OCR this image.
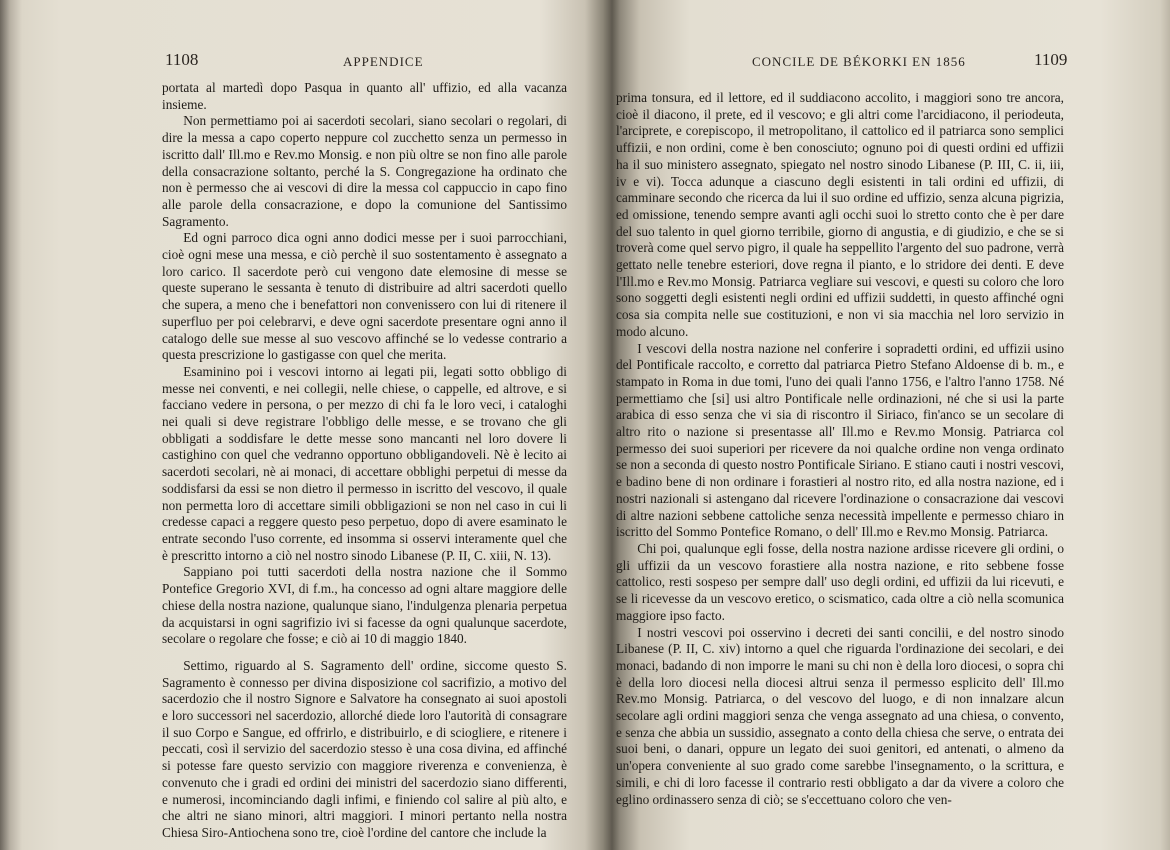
1108	APPENDICE

portata al martedì dopo Pasqua in quanto all' uffizio, ed alla vacanza insieme.

Non permettiamo poi ai sacerdoti secolari, siano secolari o regolari, di dire la messa a capo coperto neppure col zucchetto senza un permesso in iscritto dall' Ill.mo e Rev.mo Monsig. e non più oltre se non fino alle parole della consacrazione soltanto, perché la S. Congregazione ha ordinato che non è permesso che ai vescovi di dire la messa col cappuccio in capo fino alle parole della consacrazione, e dopo la comunione del Santissimo Sagramento.

Ed ogni parroco dica ogni anno dodici messe per i suoi parrocchiani, cioè ogni mese una messa, e ciò perchè il suo sostentamento è assegnato a loro carico. Il sacerdote però cui vengono date elemosine di messe se queste superano le sessanta è tenuto di distribuire ad altri sacerdoti quello che supera, a meno che i benefattori non convenissero con lui di ritenere il superfluo per poi celebrarvi, e deve ogni sacerdote presentare ogni anno il catalogo delle sue messe al suo vescovo affinché se lo vedesse contrario a questa prescrizione lo gastigasse con quel che merita.

Esaminino poi i vescovi intorno ai legati pii, legati sotto obbligo di messe nei conventi, e nei collegii, nelle chiese, o cappelle, ed altrove, e si facciano vedere in persona, o per mezzo di chi fa le loro veci, i cataloghi nei quali si deve registrare l'obbligo delle messe, e se trovano che gli obbligati a soddisfare le dette messe sono mancanti nel loro dovere li castighino con quel che vedranno opportuno obbligandoveli. Nè è lecito ai sacerdoti secolari, nè ai monaci, di accettare obblighi perpetui di messe da soddisfarsi da essi se non dietro il permesso in iscritto del vescovo, il quale non permetta loro di accettare simili obbligazioni se non nel caso in cui li credesse capaci a reggere questo peso perpetuo, dopo di avere esaminato le entrate secondo l'uso corrente, ed insomma si osservi interamente quel che è prescritto intorno a ciò nel nostro sinodo Libanese (P. II, C. xiii, N. 13).

Sappiano poi tutti sacerdoti della nostra nazione che il Sommo Pontefice Gregorio XVI, di f.m., ha concesso ad ogni altare maggiore delle chiese della nostra nazione, qualunque siano, l'indulgenza plenaria perpetua da acquistarsi in ogni sagrifizio ivi si facesse da ogni qualunque sacerdote, secolare o regolare che fosse; e ciò ai 10 di maggio 1840.

Settimo, riguardo al S. Sagramento dell' ordine, siccome questo S. Sagramento è connesso per divina disposizione col sacrifizio, a motivo del sacerdozio che il nostro Signore e Salvatore ha consegnato ai suoi apostoli e loro successori nel sacerdozio, allorché diede loro l'autorità di consagrare il suo Corpo e Sangue, ed offrirlo, e distribuirlo, e di sciogliere, e ritenere i peccati, così il servizio del sacerdozio stesso è una cosa divina, ed affinché si potesse fare questo servizio con maggiore riverenza e convenienza, è convenuto che i gradi ed ordini dei ministri del sacerdozio siano differenti, e numerosi, incominciando dagli infimi, e finiendo col salire al più alto, e che altri ne siano minori, altri maggiori. I minori pertanto nella nostra Chiesa Siro-Antiochena sono tre, cioè l'ordine del cantore che include la

CONCILE DE BÉKORKI EN 1856	1109

prima tonsura, ed il lettore, ed il suddiacono accolito, i maggiori sono tre ancora, cioè il diacono, il prete, ed il vescovo; e gli altri come l'arcidiacono, il periodeuta, l'arciprete, e corepiscopo, il metropolitano, il cattolico ed il patriarca sono semplici uffizii, e non ordini, come è ben conosciuto; ognuno poi di questi ordini ed uffizii ha il suo ministero assegnato, spiegato nel nostro sinodo Libanese (P. III, C. ii, iii, iv e vi). Tocca adunque a ciascuno degli esistenti in tali ordini ed uffizii, di camminare secondo che ricerca da lui il suo ordine ed uffizio, senza alcuna pigrizia, ed omissione, tenendo sempre avanti agli occhi suoi lo stretto conto che è per dare del suo talento in quel giorno terribile, giorno di angustia, e di giudizio, e che se si troverà come quel servo pigro, il quale ha seppellito l'argento del suo padrone, verrà gettato nelle tenebre esteriori, dove regna il pianto, e lo stridore dei denti. E deve l'Ill.mo e Rev.mo Monsig. Patriarca vegliare sui vescovi, e questi su coloro che loro sono soggetti degli esistenti negli ordini ed uffizii suddetti, in questo affinché ogni cosa sia compita nelle sue costituzioni, e non vi sia macchia nel loro servizio in modo alcuno.

I vescovi della nostra nazione nel conferire i sopradetti ordini, ed uffizii usino del Pontificale raccolto, e corretto dal patriarca Pietro Stefano Aldoense di b. m., e stampato in Roma in due tomi, l'uno dei quali l'anno 1756, e l'altro l'anno 1758. Né permettiamo che [si] usi altro Pontificale nelle ordinazioni, né che si usi la parte arabica di esso senza che vi sia di riscontro il Siriaco, fin'anco se un secolare di altro rito o nazione si presentasse all' Ill.mo e Rev.mo Monsig. Patriarca col permesso dei suoi superiori per ricevere da noi qualche ordine non venga ordinato se non a seconda di questo nostro Pontificale Siriano. E stiano cauti i nostri vescovi, e badino bene di non ordinare i forastieri al nostro rito, ed alla nostra nazione, ed i nostri nazionali si astengano dal ricevere l'ordinazione o consacrazione dai vescovi di altre nazioni sebbene cattoliche senza necessità impellente e permesso chiaro in iscritto del Sommo Pontefice Romano, o dell' Ill.mo e Rev.mo Monsig. Patriarca.

Chi poi, qualunque egli fosse, della nostra nazione ardisse ricevere gli ordini, o gli uffizii da un vescovo forastiere alla nostra nazione, e rito sebbene fosse cattolico, resti sospeso per sempre dall' uso degli ordini, ed uffizii da lui ricevuti, e se li ricevesse da un vescovo eretico, o scismatico, cada oltre a ciò nella scomunica maggiore ipso facto.

I nostri vescovi poi osservino i decreti dei santi concilii, e del nostro sinodo Libanese (P. II, C. xiv) intorno a quel che riguarda l'ordinazione dei secolari, e dei monaci, badando di non imporre le mani su chi non è della loro diocesi, o sopra chi è della loro diocesi nella diocesi altrui senza il permesso esplicito dell' Ill.mo Rev.mo Monsig. Patriarca, o del vescovo del luogo, e di non innalzare alcun secolare agli ordini maggiori senza che venga assegnato ad una chiesa, o convento, e senza che abbia un sussidio, assegnato a conto della chiesa che serve, o entrata dei suoi beni, o danari, oppure un legato dei suoi genitori, ed antenati, o almeno da un'opera conveniente al suo grado come sarebbe l'insegnamento, o la scrittura, e simili, e chi di loro facesse il contrario resti obbligato a dar da vivere a coloro che eglino ordinassero senza di ciò; se s'eccettuano coloro che ven-
